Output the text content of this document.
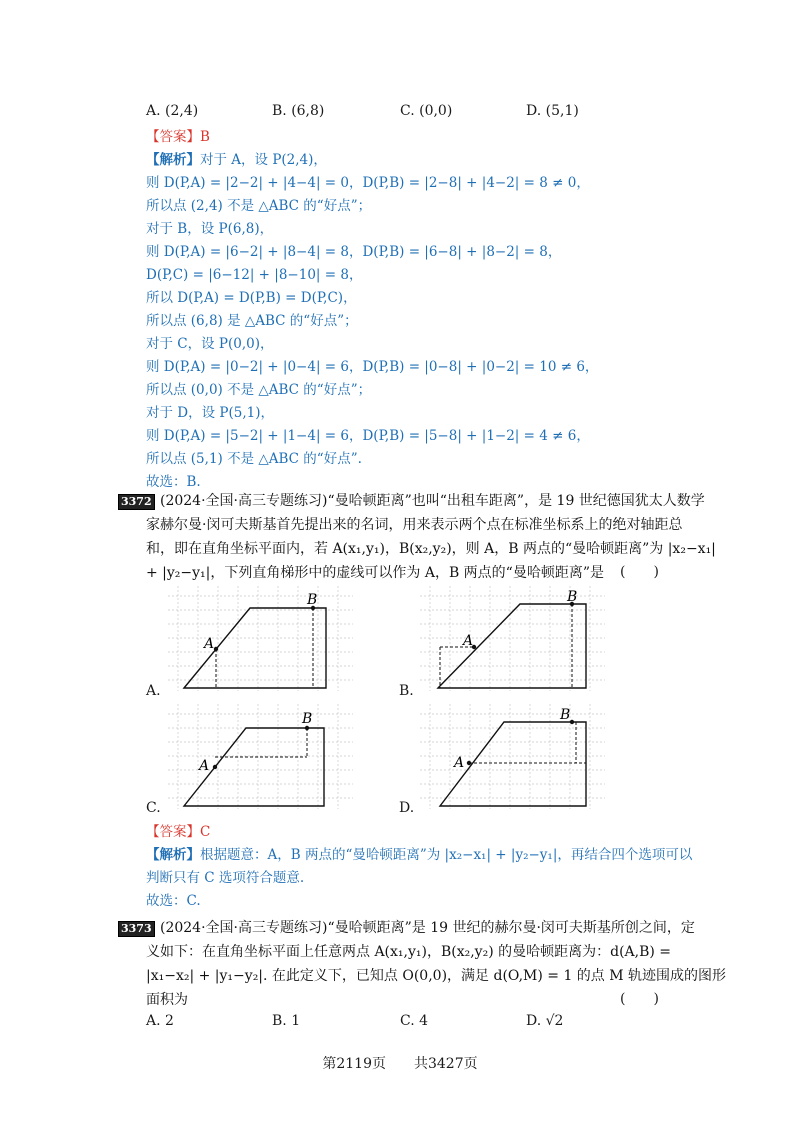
A. (2,4)	B. (6,8)	C. (0,0)	D. (5,1)
【答案】B
【解析】对于 A，设 P(2,4)，
则 D(P,A) = |2−2| + |4−4| = 0，D(P,B) = |2−8| + |4−2| = 8 ≠ 0，
所以点 (2,4) 不是 △ABC 的“好点”；
对于 B，设 P(6,8)，
则 D(P,A) = |6−2| + |8−4| = 8，D(P,B) = |6−8| + |8−2| = 8，
D(P,C) = |6−12| + |8−10| = 8，
所以 D(P,A) = D(P,B) = D(P,C)，
所以点 (6,8) 是 △ABC 的“好点”；
对于 C，设 P(0,0)，
则 D(P,A) = |0−2| + |0−4| = 6，D(P,B) = |0−8| + |0−2| = 10 ≠ 6，
所以点 (0,0) 不是 △ABC 的“好点”；
对于 D，设 P(5,1)，
则 D(P,A) = |5−2| + |1−4| = 6，D(P,B) = |5−8| + |1−2| = 4 ≠ 6，
所以点 (5,1) 不是 △ABC 的“好点”.
故选：B.
3372 (2024·全国·高三专题练习)“曼哈顿距离”也叫“出租车距离”，是 19 世纪德国犹太人数学
家赫尔曼·闵可夫斯基首先提出来的名词，用来表示两个点在标准坐标系上的绝对轴距总
和，即在直角坐标平面内，若 A(x₁,y₁)，B(x₂,y₂)，则 A，B 两点的“曼哈顿距离”为 |x₂−x₁|
+ |y₂−y₁|，下列直角梯形中的虚线可以作为 A，B 两点的“曼哈顿距离”是 (　　)
A
B
A.
A
B
B.
A
B
C.
A
B
D.
【答案】C
【解析】根据题意：A，B 两点的“曼哈顿距离”为 |x₂−x₁| + |y₂−y₁|，再结合四个选项可以
判断只有 C 选项符合题意.
故选：C.
3373 (2024·全国·高三专题练习)“曼哈顿距离”是 19 世纪的赫尔曼·闵可夫斯基所创之间，定
义如下：在直角坐标平面上任意两点 A(x₁,y₁)，B(x₂,y₂) 的曼哈顿距离为：d(A,B) =
|x₁−x₂| + |y₁−y₂|. 在此定义下，已知点 O(0,0)，满足 d(O,M) = 1 的点 M 轨迹围成的图形
面积为	(　　)
A. 2	B. 1	C. 4	D. √2
第2119页　　共3427页
